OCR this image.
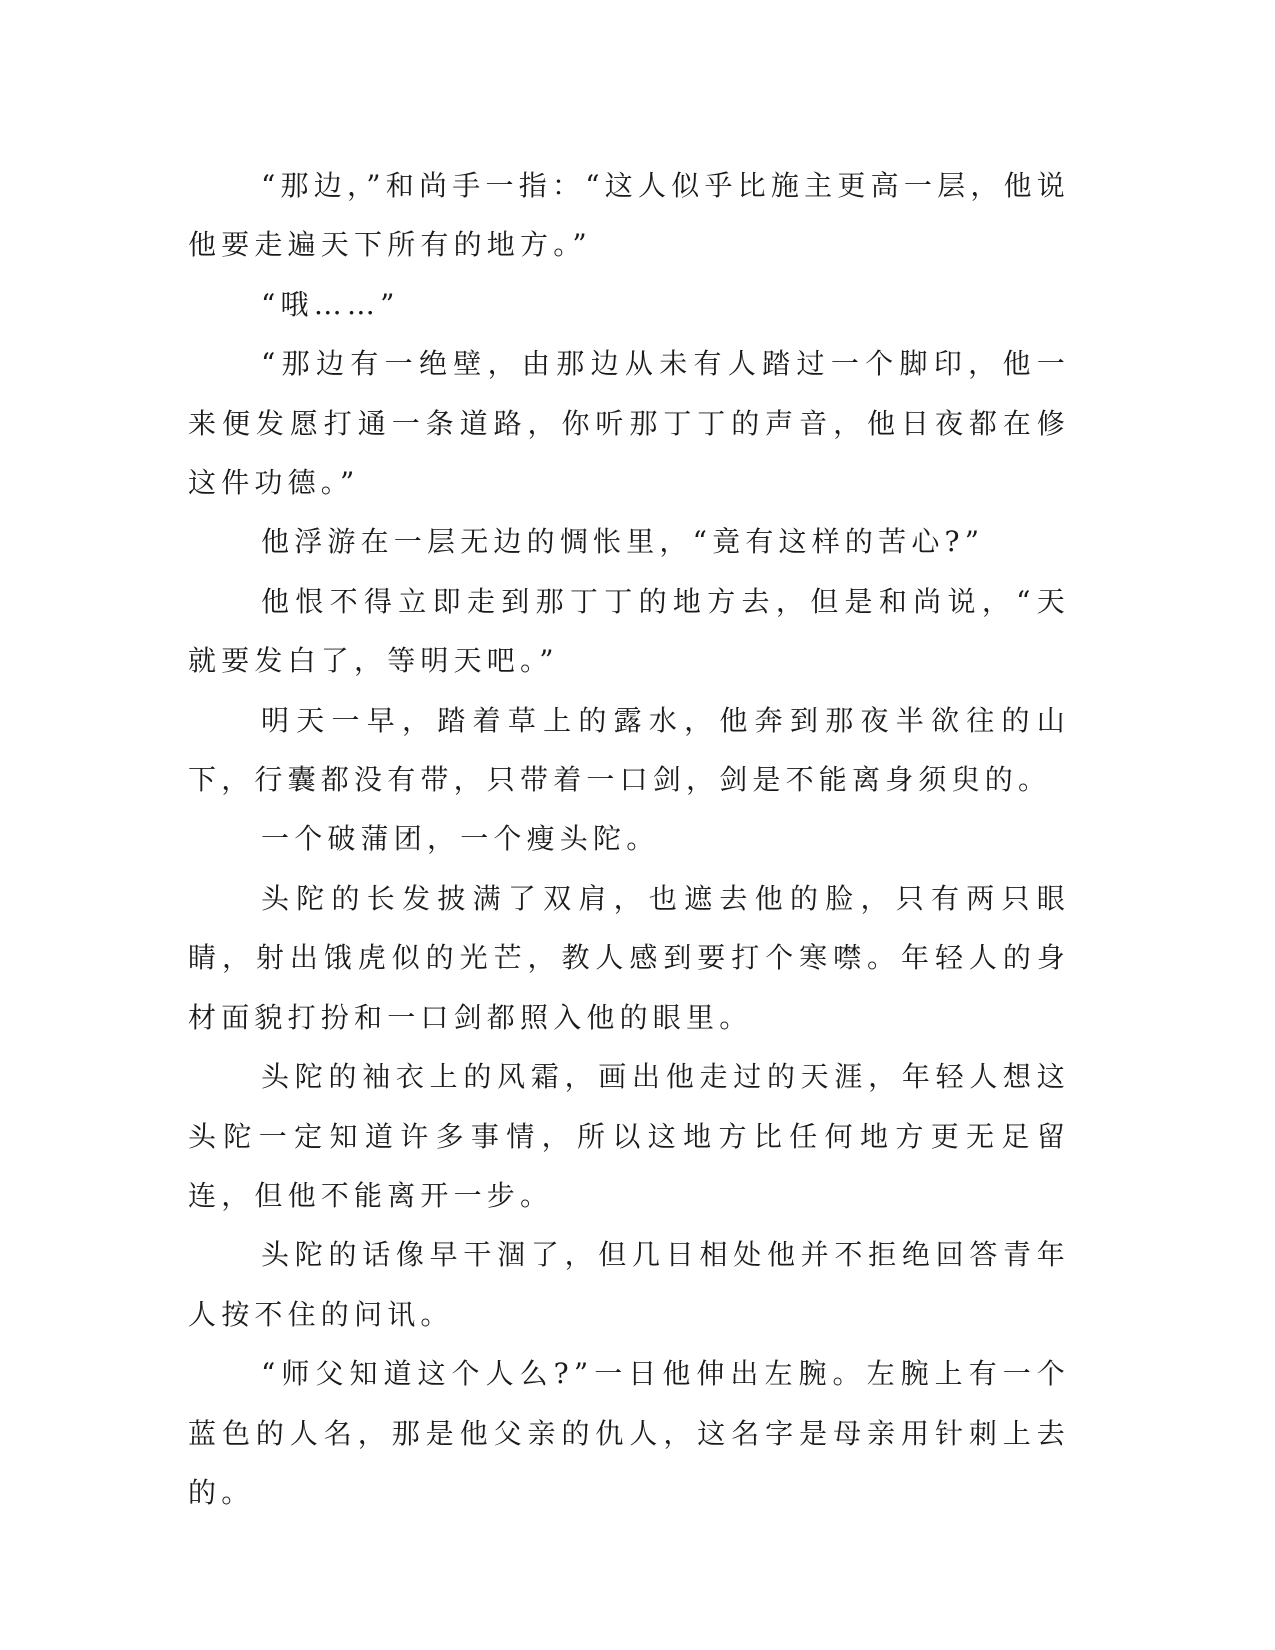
“那边，”和尚手一指：“这人似乎比施主更高一层，他说他要走遍天下所有的地方。”

“哦……”

“那边有一绝壁，由那边从未有人踏过一个脚印，他一来便发愿打通一条道路，你听那丁丁的声音，他日夜都在修这件功德。”

他浮游在一层无边的惆怅里，“竟有这样的苦心?”

他恨不得立即走到那丁丁的地方去，但是和尚说，“天就要发白了，等明天吧。”

明天一早，踏着草上的露水，他奔到那夜半欲往的山下，行囊都没有带，只带着一口剑，剑是不能离身须臾的。

一个破蒲团，一个瘦头陀。

头陀的长发披满了双肩，也遮去他的脸，只有两只眼睛，射出饿虎似的光芒，教人感到要打个寒噤。年轻人的身材面貌打扮和一口剑都照入他的眼里。

头陀的袖衣上的风霜，画出他走过的天涯，年轻人想这头陀一定知道许多事情，所以这地方比任何地方更无足留连，但他不能离开一步。

头陀的话像早干涸了，但几日相处他并不拒绝回答青年人按不住的问讯。

“师父知道这个人么?”一日他伸出左腕。左腕上有一个蓝色的人名，那是他父亲的仇人，这名字是母亲用针刺上去的。
